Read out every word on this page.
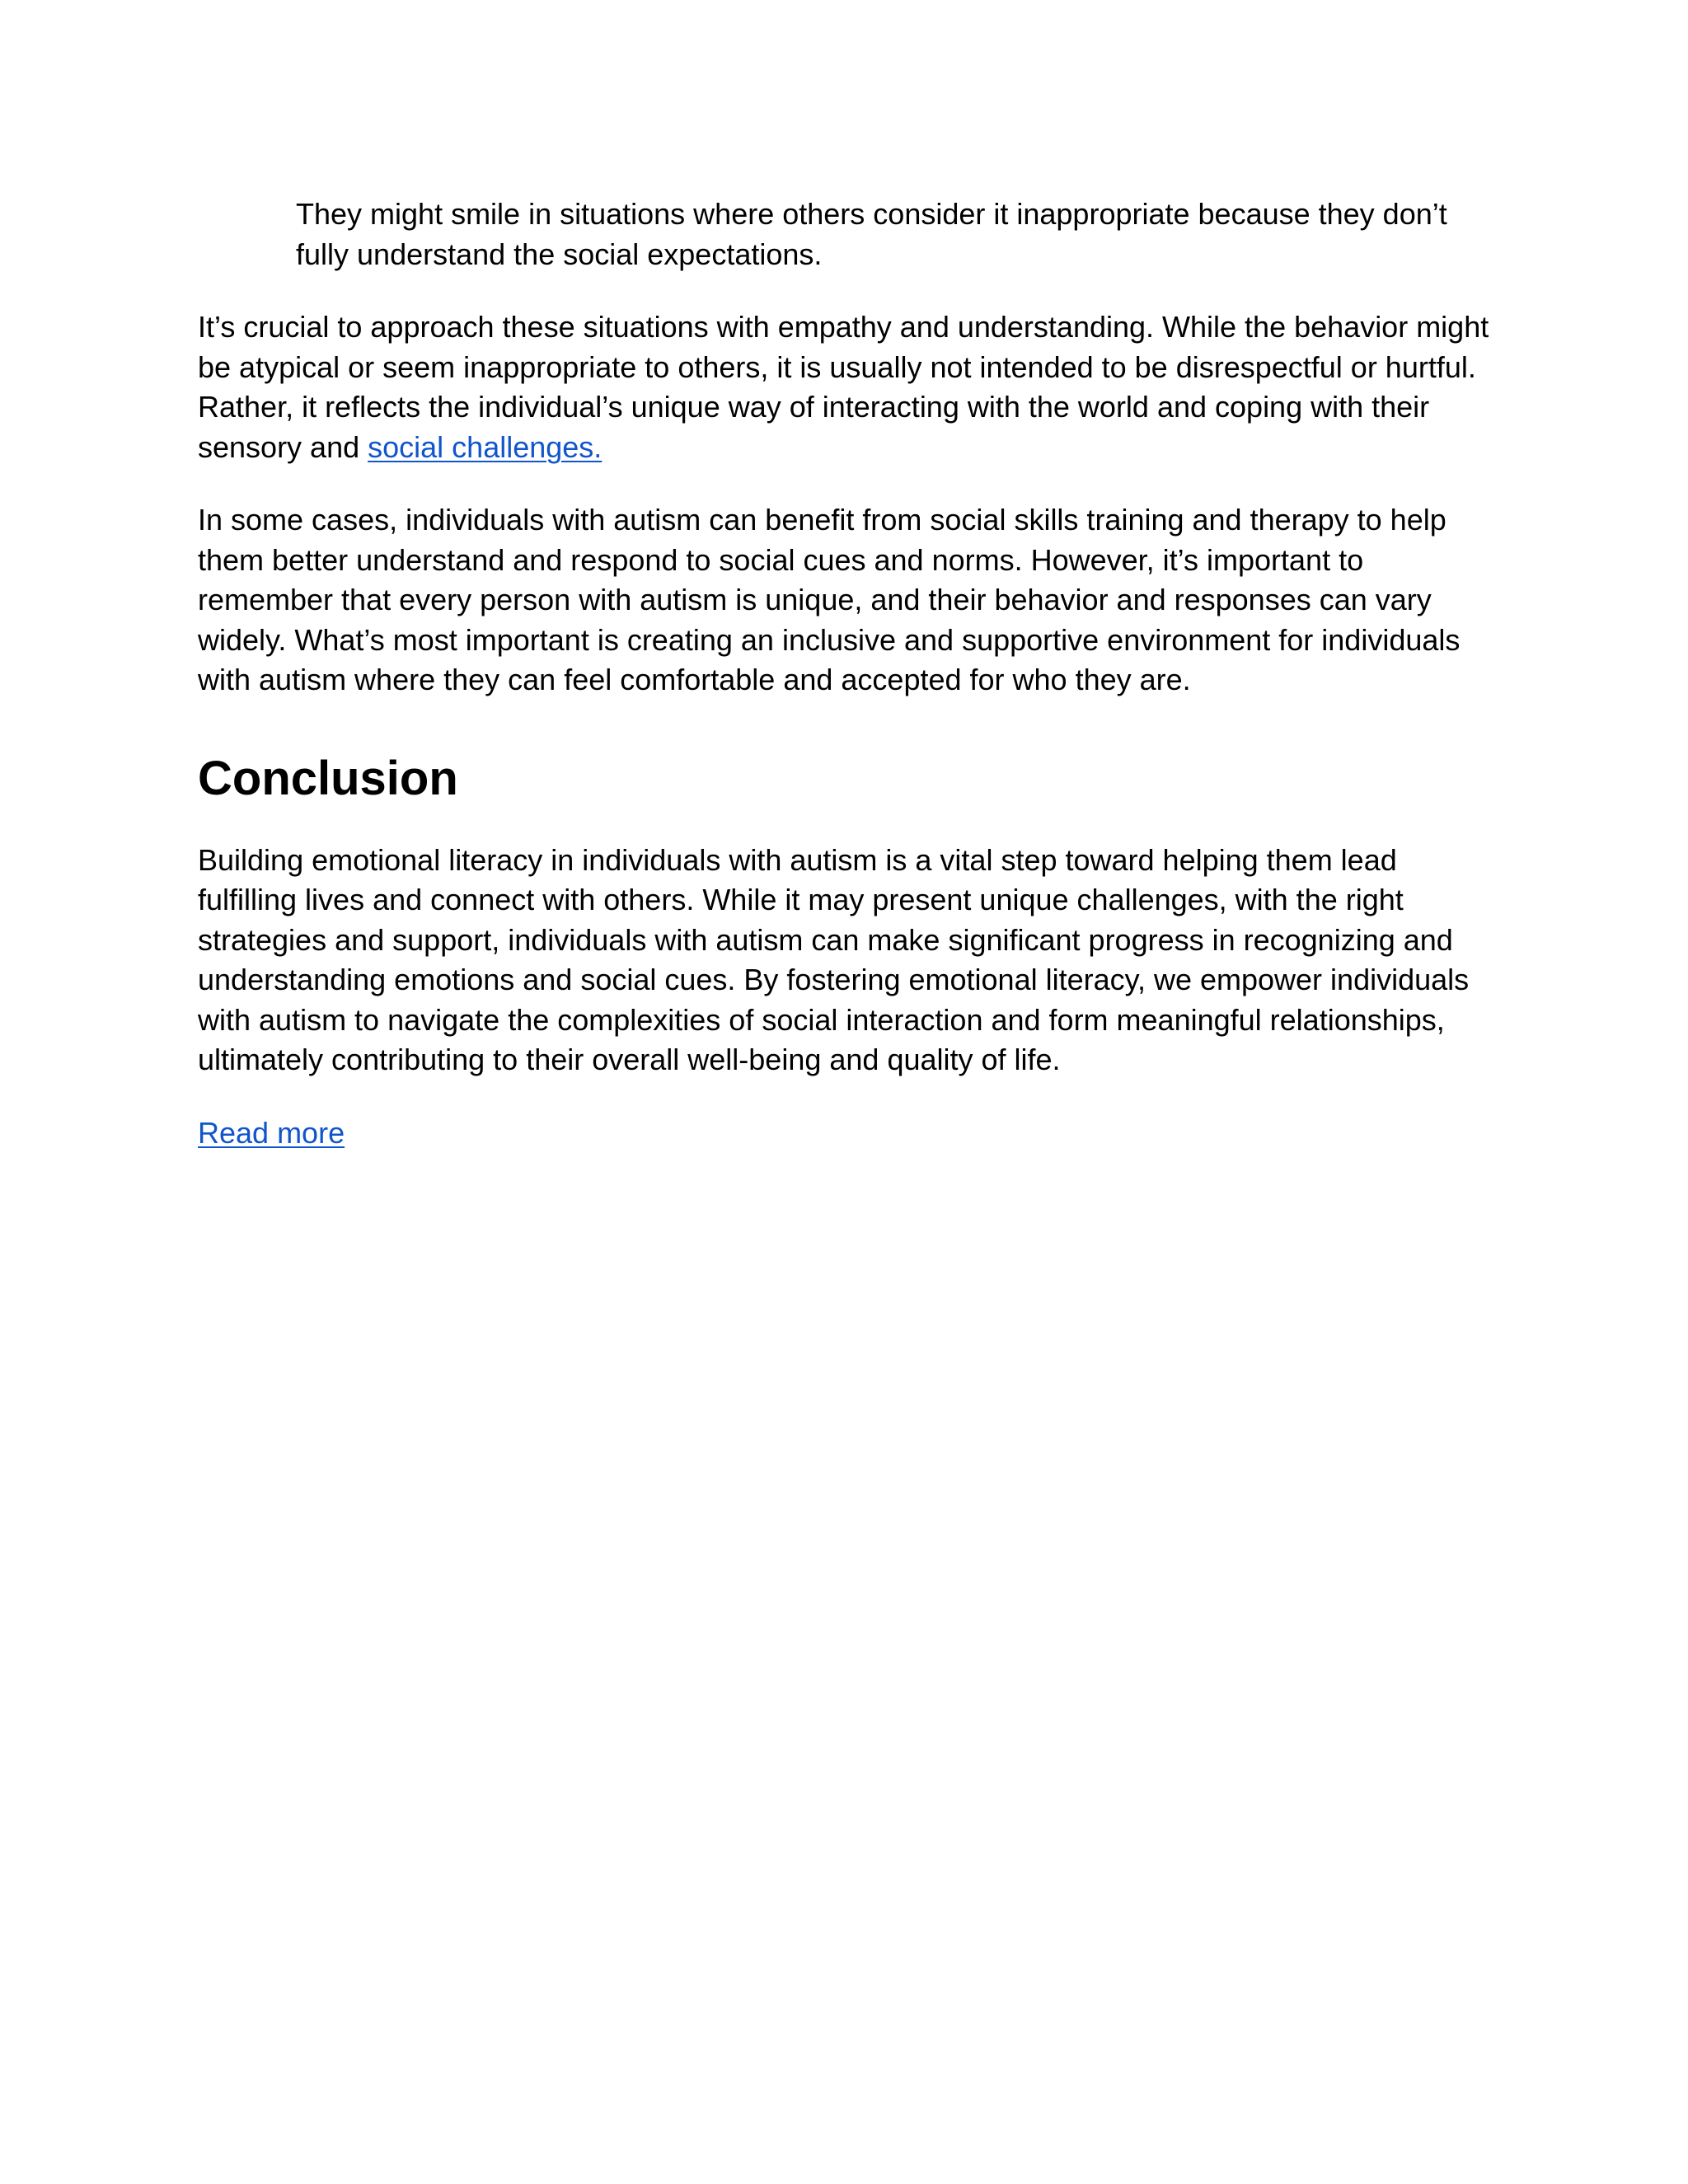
They might smile in situations where others consider it inappropriate because they don’t fully understand the social expectations.

It’s crucial to approach these situations with empathy and understanding. While the behavior might be atypical or seem inappropriate to others, it is usually not intended to be disrespectful or hurtful. Rather, it reflects the individual’s unique way of interacting with the world and coping with their sensory and social challenges.

In some cases, individuals with autism can benefit from social skills training and therapy to help them better understand and respond to social cues and norms. However, it’s important to remember that every person with autism is unique, and their behavior and responses can vary widely. What’s most important is creating an inclusive and supportive environment for individuals with autism where they can feel comfortable and accepted for who they are.

Conclusion

Building emotional literacy in individuals with autism is a vital step toward helping them lead fulfilling lives and connect with others. While it may present unique challenges, with the right strategies and support, individuals with autism can make significant progress in recognizing and understanding emotions and social cues. By fostering emotional literacy, we empower individuals with autism to navigate the complexities of social interaction and form meaningful relationships, ultimately contributing to their overall well-being and quality of life.

Read more
